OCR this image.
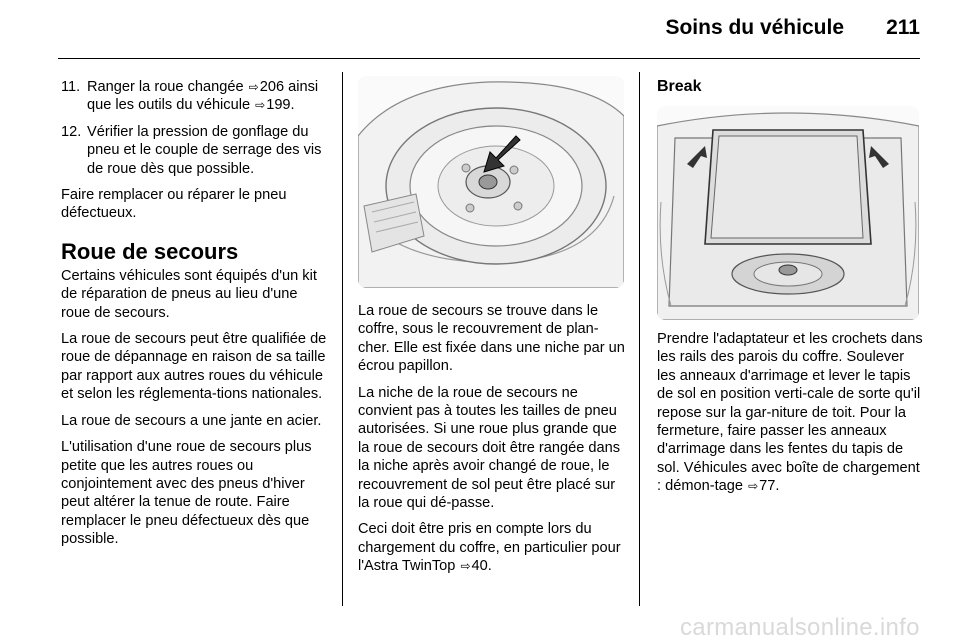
Soins du véhicule	211
11. Ranger la roue changée ⇨206 ainsi que les outils du véhicule ⇨199.
12. Vérifier la pression de gonflage du pneu et le couple de serrage des vis de roue dès que possible.

Faire remplacer ou réparer le pneu défectueux.

Roue de secours

Certains véhicules sont équipés d'un kit de réparation de pneus au lieu d'une roue de secours.

La roue de secours peut être qualifiée de roue de dépannage en raison de sa taille par rapport aux autres roues du véhicule et selon les réglementa-tions nationales.

La roue de secours a une jante en acier.

L'utilisation d'une roue de secours plus petite que les autres roues ou conjointement avec des pneus d'hiver peut altérer la tenue de route. Faire remplacer le pneu défectueux dès que possible.

La roue de secours se trouve dans le coffre, sous le recouvrement de plan-cher. Elle est fixée dans une niche par un écrou papillon.

La niche de la roue de secours ne convient pas à toutes les tailles de pneu autorisées. Si une roue plus grande que la roue de secours doit être rangée dans la niche après avoir changé de roue, le recouvrement de sol peut être placé sur la roue qui dé-passe.

Ceci doit être pris en compte lors du chargement du coffre, en particulier pour l'Astra TwinTop ⇨40.

Break

Prendre l'adaptateur et les crochets dans les rails des parois du coffre. Soulever les anneaux d'arrimage et lever le tapis de sol en position verti-cale de sorte qu'il repose sur la gar-niture de toit. Pour la fermeture, faire passer les anneaux d'arrimage dans les fentes du tapis de sol. Véhicules avec boîte de chargement : démon-tage ⇨77.

carmanualsonline.info
